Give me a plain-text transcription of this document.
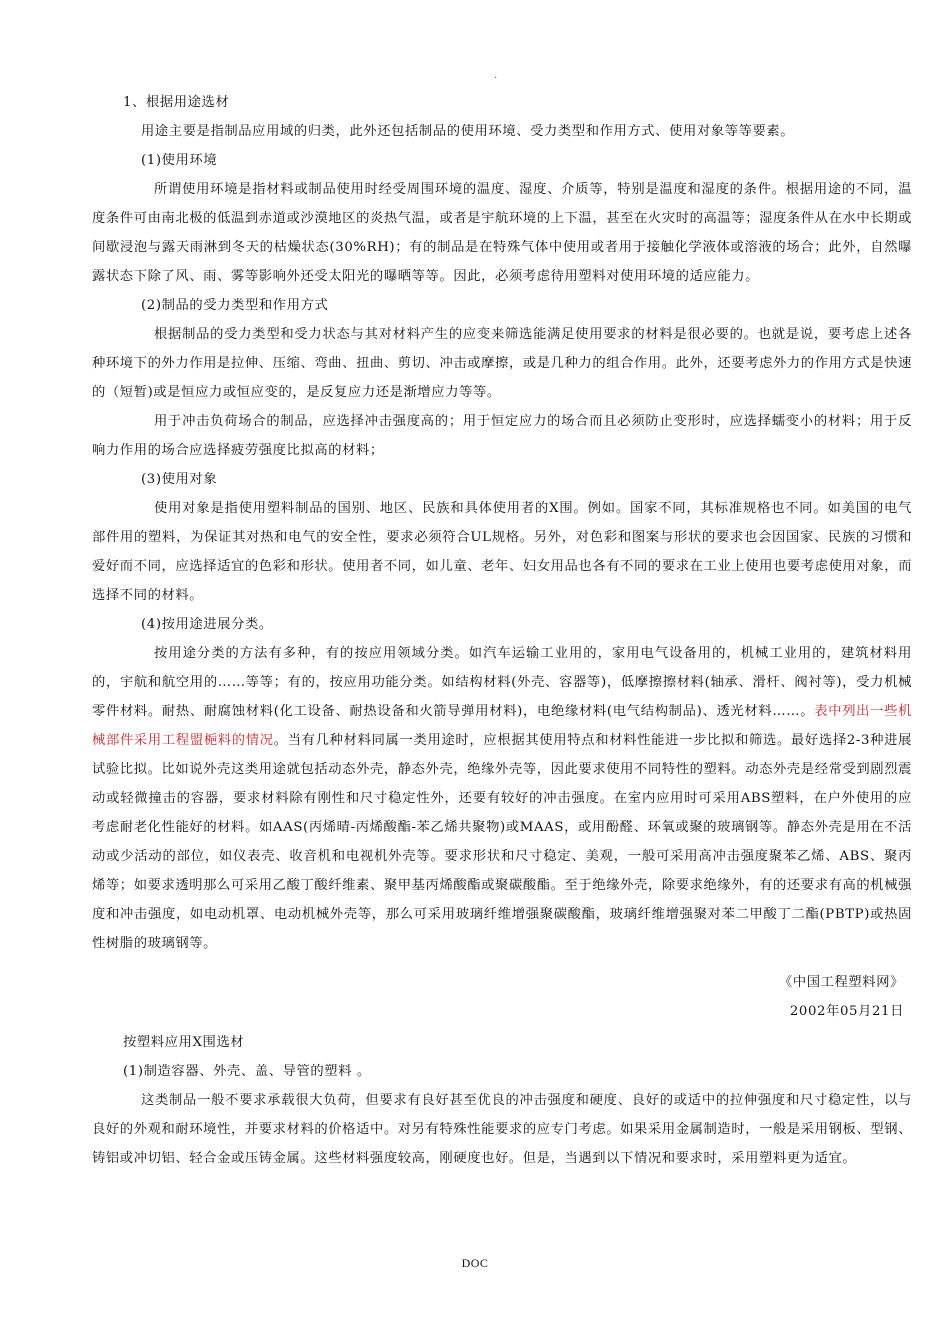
.

1、根据用途选材

用途主要是指制品应用域的归类，此外还包括制品的使用环境、受力类型和作用方式、使用对象等等要素。

(1)使用环境

所谓使用环境是指材料或制品使用时经受周围环境的温度、湿度、介质等，特别是温度和湿度的条件。根据用途的不同，温度条件可由南北极的低温到赤道或沙漠地区的炎热气温，或者是宇航环境的上下温，甚至在火灾时的高温等；湿度条件从在水中长期或间歇浸泡与露天雨淋到冬天的枯燥状态(30%RH)；有的制品是在特殊气体中使用或者用于接触化学液体或溶液的场合；此外，自然曝露状态下除了风、雨、雾等影响外还受太阳光的曝晒等等。因此，必须考虑待用塑料对使用环境的适应能力。

(2)制品的受力类型和作用方式

根据制品的受力类型和受力状态与其对材料产生的应变来筛选能满足使用要求的材料是很必要的。也就是说，要考虑上述各种环境下的外力作用是拉伸、压缩、弯曲、扭曲、剪切、冲击或摩擦，或是几种力的组合作用。此外，还要考虑外力的作用方式是快速的（短暂)或是恒应力或恒应变的，是反复应力还是渐增应力等等。

用于冲击负荷场合的制品，应选择冲击强度高的；用于恒定应力的场合而且必须防止变形时，应选择蠕变小的材料；用于反响力作用的场合应选择疲劳强度比拟高的材料；

(3)使用对象

使用对象是指使用塑料制品的国别、地区、民族和具体使用者的X围。例如。国家不同，其标准规格也不同。如美国的电气部件用的塑料，为保证其对热和电气的安全性，要求必须符合UL规格。另外，对色彩和图案与形状的要求也会因国家、民族的习惯和爱好而不同，应选择适宜的色彩和形状。使用者不同，如儿童、老年、妇女用品也各有不同的要求在工业上使用也要考虑使用对象，而选择不同的材料。

(4)按用途进展分类。

按用途分类的方法有多种，有的按应用领域分类。如汽车运输工业用的，家用电气设备用的，机械工业用的，建筑材料用的，宇航和航空用的……等等；有的，按应用功能分类。如结构材料(外壳、容器等)，低摩擦擦材料(轴承、滑杆、阀衬等)，受力机械零件材料。耐热、耐腐蚀材料(化工设备、耐热设备和火箭导弹用材料)，电绝缘材料(电气结构制品)、透光材料……。表中列出一些机械部件采用工程盟梔料的情况。当有几种材料同属一类用途时，应根据其使用特点和材料性能进一步比拟和筛选。最好选择2-3种进展试验比拟。比如说外壳这类用途就包括动态外壳，静态外壳，绝缘外壳等，因此要求使用不同特性的塑料。动态外壳是经常受到剧烈震动或轻微撞击的容器，要求材料除有刚性和尺寸稳定性外，还要有较好的冲击强度。在室内应用时可采用ABS塑料，在户外使用的应考虑耐老化性能好的材料。如AAS(丙烯晴-丙烯酸酯-苯乙烯共聚物)或MAAS，或用酚醛、环氧或聚的玻璃钢等。静态外壳是用在不活动或少活动的部位，如仪表壳、收音机和电视机外壳等。要求形状和尺寸稳定、美观，一般可采用高冲击强度聚苯乙烯、ABS、聚丙烯等；如要求透明那么可采用乙酸丁酸纤维素、聚甲基丙烯酸酯或聚碳酸酯。至于绝缘外壳，除要求绝缘外，有的还要求有高的机械强度和冲击强度，如电动机罩、电动机械外壳等，那么可采用玻璃纤维增强聚碳酸酯，玻璃纤维增强聚对苯二甲酸丁二酯(PBTP)或热固性树脂的玻璃钢等。

《中国工程塑料网》

2002年05月21日

按塑料应用X围选材

(1)制造容器、外壳、盖、导管的塑料 。

这类制品一般不要求承载很大负荷，但要求有良好甚至优良的冲击强度和硬度、良好的或适中的拉伸强度和尺寸稳定性，以与良好的外观和耐环境性，并要求材料的价格适中。对另有特殊性能要求的应专门考虑。如果采用金属制造时，一般是采用钢板、型钢、铸铝或冲切铝、轻合金或压铸金属。这些材料强度较高，刚硬度也好。但是，当遇到以下情况和要求时，采用塑料更为适宜。

DOC
